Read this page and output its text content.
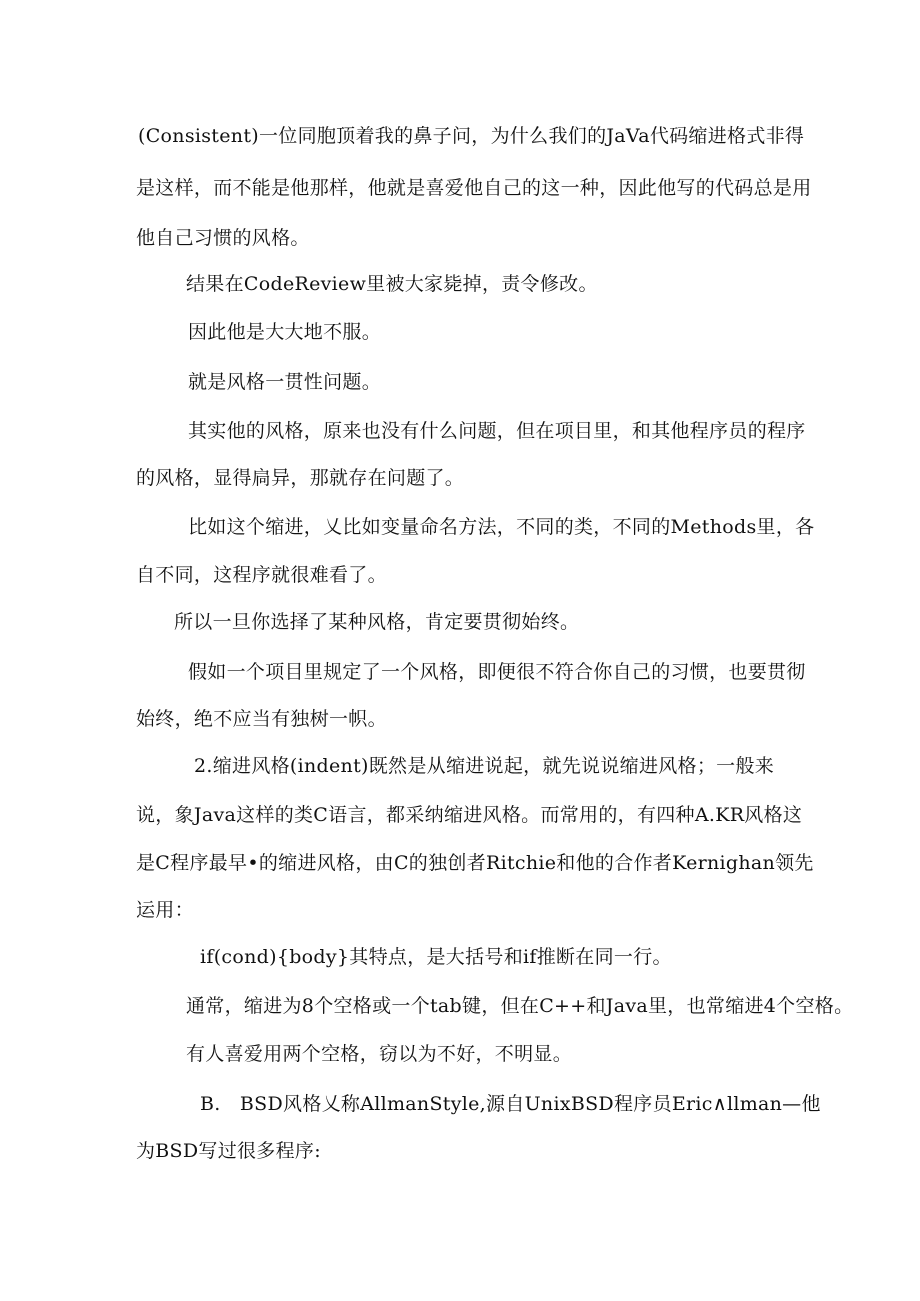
(Consistent)一位同胞顶着我的鼻子问，为什么我们的JaVa代码缩进格式非得
是这样，而不能是他那样，他就是喜爱他自己的这一种，因此他写的代码总是用
他自己习惯的风格。
结果在CodeReview里被大家毙掉，责令修改。
因此他是大大地不服。
就是风格一贯性问题。
其实他的风格，原来也没有什么问题，但在项目里，和其他程序员的程序
的风格，显得扃异，那就存在问题了。
比如这个缩进，乂比如变量命名方法，不同的类，不同的Methods里，各
自不同，这程序就很难看了。
所以一旦你选择了某种风格，肯定要贯彻始终。
假如一个项目里规定了一个风格，即便很不符合你自己的习惯，也要贯彻
始终，绝不应当有独树一帜。
2.缩进风格(indent)既然是从缩进说起，就先说说缩进风格；一般来
说，象Java这样的类C语言，都采纳缩进风格。而常用的，有四种A.KR风格这
是C程序最早•的缩进风格，由C的独创者Ritchie和他的合作者Kernighan领先
运用：
if(cond){body}其特点，是大括号和if推断在同一行。
通常，缩进为8个空格或一个tab键，但在C++和Java里，也常缩进4个空格。
有人喜爱用两个空格，窃以为不好，不明显。
B.　BSD风格乂称AllmanStyle,源自UnixBSD程序员Eric∧llman—他
为BSD写过很多程序:
